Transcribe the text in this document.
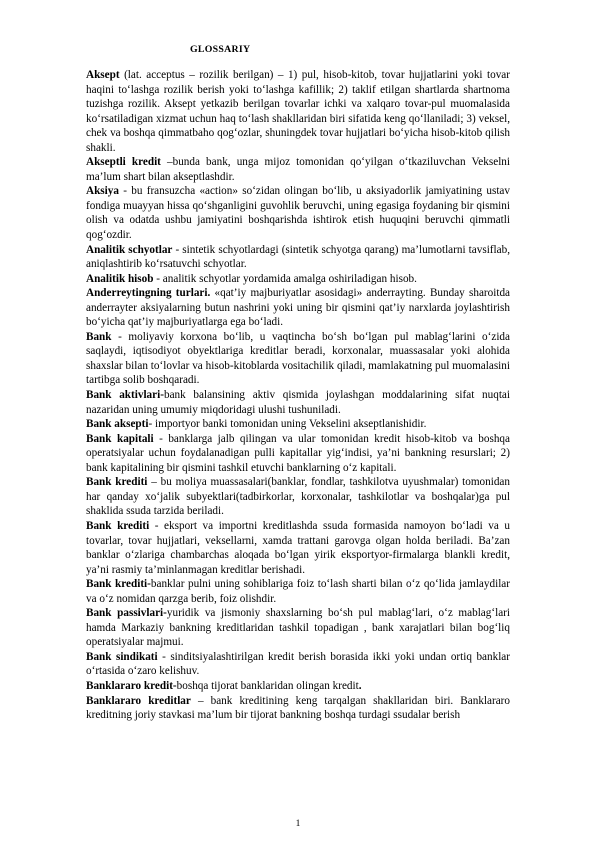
GLOSSARIY

Aksept (lat. acceptus – rozilik berilgan) – 1) pul, hisob-kitob, tovar hujjatlarini yoki tovar haqini to‘lashga rozilik berish yoki to‘lashga kafillik; 2) taklif etilgan shartlarda shartnoma tuzishga rozilik. Aksept yetkazib berilgan tovarlar ichki va xalqaro tovar-pul muomalasida ko‘rsatiladigan xizmat uchun haq to‘lash shakllaridan biri sifatida keng qo‘llaniladi; 3) veksel, chek va boshqa qimmatbaho qog‘ozlar, shuningdek tovar hujjatlari bo‘yicha hisob-kitob qilish shakli.

Akseptli kredit –bunda bank, unga mijoz tomonidan qo‘yilgan o‘tkaziluvchan Vekselni ma’lum shart bilan akseptlashdir.

Aksiya - bu fransuzcha «action» so‘zidan olingan bo‘lib, u aksiyadorlik jamiyatining ustav fondiga muayyan hissa qo‘shganligini guvohlik beruvchi, uning egasiga foydaning bir qismini olish va odatda ushbu jamiyatini boshqarishda ishtirok etish huquqini beruvchi qimmatli qog‘ozdir.

Analitik schyotlar - sintetik schyotlardagi (sintetik schyotga qarang) ma’lumotlarni tavsiflab, aniqlashtirib ko‘rsatuvchi schyotlar.

Analitik hisob - analitik schyotlar yordamida amalga oshiriladigan hisob.

Anderreytingning turlari. «qat’iy majburiyatlar asosidagi» anderrayting. Bunday sharoitda anderrayter aksiyalarning butun nashrini yoki uning bir qismini qat’iy narxlarda joylashtirish bo‘yicha qat’iy majburiyatlarga ega bo‘ladi.

Bank - moliyaviy korxona bo‘lib, u vaqtincha bo‘sh bo‘lgan pul mablag‘larini o‘zida saqlaydi, iqtisodiyot obyektlariga kreditlar beradi, korxonalar, muassasalar yoki alohida shaxslar bilan to‘lovlar va hisob-kitoblarda vositachilik qiladi, mamlakatning pul muomalasini tartibga solib boshqaradi.

Bank aktivlari-bank balansining aktiv qismida joylashgan moddalarining sifat nuqtai nazaridan uning umumiy miqdoridagi ulushi tushuniladi.

Bank aksepti- importyor banki tomonidan uning Vekselini akseptlanishidir.

Bank kapitali - banklarga jalb qilingan va ular tomonidan kredit hisob-kitob va boshqa operatsiyalar uchun foydalanadigan pulli kapitallar yig‘indisi, ya’ni bankning resurslari; 2) bank kapitalining bir qismini tashkil etuvchi banklarning o‘z kapitali.

Bank krediti – bu moliya muassasalari(banklar, fondlar, tashkilotva uyushmalar) tomonidan har qanday xo‘jalik subyektlari(tadbirkorlar, korxonalar, tashkilotlar va boshqalar)ga pul shaklida ssuda tarzida beriladi.

Bank krediti - eksport va importni kreditlashda ssuda formasida namoyon bo‘ladi va u tovarlar, tovar hujjatlari, veksellarni, xamda trattani garovga olgan holda beriladi. Ba’zan banklar o‘zlariga chambarchas aloqada bo‘lgan yirik eksportyor-firmalarga blankli kredit, ya’ni rasmiy ta’minlanmagan kreditlar berishadi.

Bank krediti-banklar pulni uning sohiblariga foiz to‘lash sharti bilan o‘z qo‘lida jamlaydilar va o‘z nomidan qarzga berib, foiz olishdir.

Bank passivlari-yuridik va jismoniy shaxslarning bo‘sh pul mablag‘lari, o‘z mablag‘lari hamda Markaziy bankning kreditlaridan tashkil topadigan , bank xarajatlari bilan bog‘liq operatsiyalar majmui.

Bank sindikati - sinditsiyalashtirilgan kredit berish borasida ikki yoki undan ortiq banklar o‘rtasida o‘zaro kelishuv.

Banklararo kredit-boshqa tijorat banklaridan olingan kredit.

Banklararo kreditlar – bank kreditining keng tarqalgan shakllaridan biri. Banklararo kreditning joriy stavkasi ma’lum bir tijorat bankning boshqa turdagi ssudalar berish

1
